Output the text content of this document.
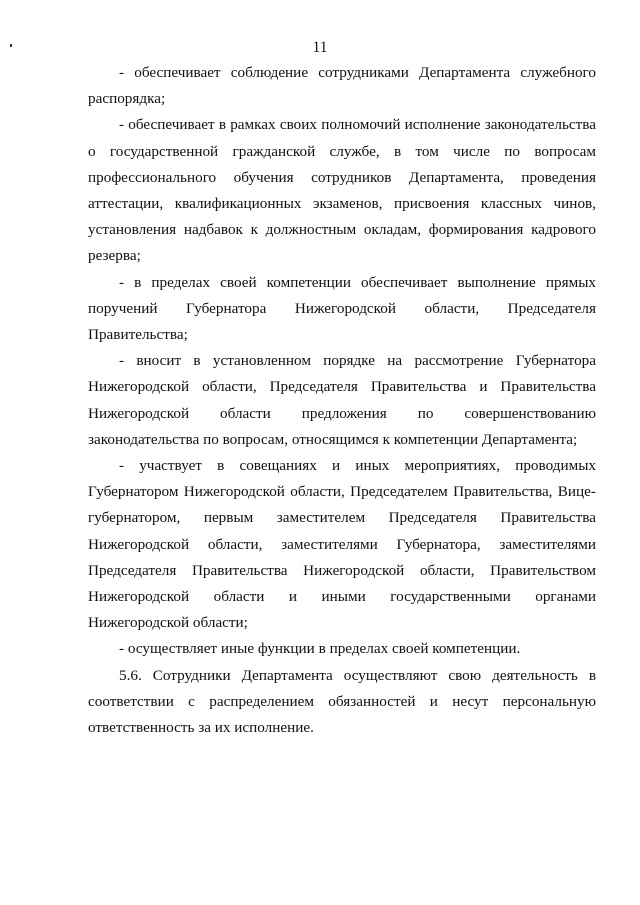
11

- обеспечивает соблюдение сотрудниками Департамента служебного распорядка;

- обеспечивает в рамках своих полномочий исполнение законодательства о государственной гражданской службе, в том числе по вопросам профессионального обучения сотрудников Департамента, проведения аттестации, квалификационных экзаменов, присвоения классных чинов, установления надбавок к должностным окладам, формирования кадрового резерва;

- в пределах своей компетенции обеспечивает выполнение прямых поручений Губернатора Нижегородской области, Председателя Правительства;

- вносит в установленном порядке на рассмотрение Губернатора Нижегородской области, Председателя Правительства и Правительства Нижегородской области предложения по совершенствованию законодательства по вопросам, относящимся к компетенции Департамента;

- участвует в совещаниях и иных мероприятиях, проводимых Губернатором Нижегородской области, Председателем Правительства, Вице-губернатором, первым заместителем Председателя Правительства Нижегородской области, заместителями Губернатора, заместителями Председателя Правительства Нижегородской области, Правительством Нижегородской области и иными государственными органами Нижегородской области;

- осуществляет иные функции в пределах своей компетенции.

5.6. Сотрудники Департамента осуществляют свою деятельность в соответствии с распределением обязанностей и несут персональную ответственность за их исполнение.
